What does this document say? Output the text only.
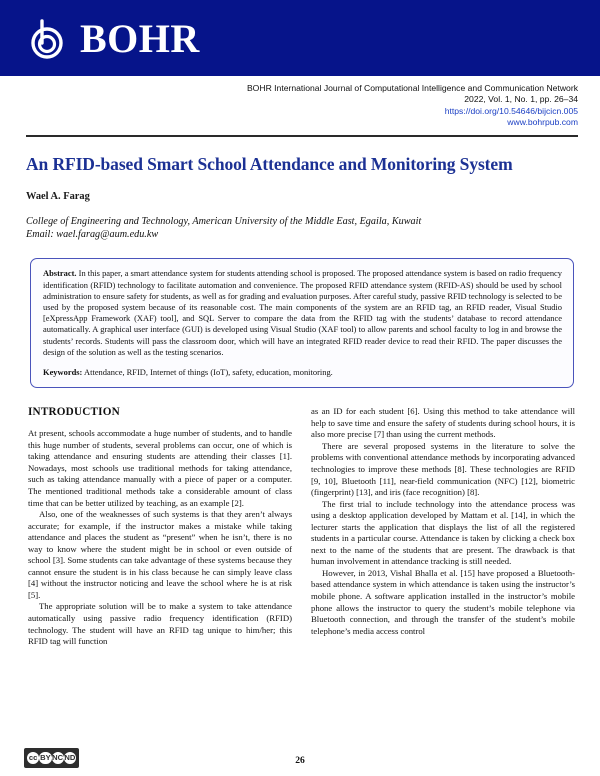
BOHR
BOHR International Journal of Computational Intelligence and Communication Network
2022, Vol. 1, No. 1, pp. 26–34
https://doi.org/10.54646/bijcicn.005
www.bohrpub.com
An RFID-based Smart School Attendance and Monitoring System
Wael A. Farag
College of Engineering and Technology, American University of the Middle East, Egaila, Kuwait
Email: wael.farag@aum.edu.kw

Abstract. In this paper, a smart attendance system for students attending school is proposed. The proposed attendance system is based on radio frequency identification (RFID) technology to facilitate automation and convenience. The proposed RFID attendance system (RFID-AS) should be used by school administration to ensure safety for students, as well as for grading and evaluation purposes. After careful study, passive RFID technology is selected to be used by the proposed system because of its reasonable cost. The main components of the system are an RFID tag, an RFID reader, Visual Studio [eXpressApp Framework (XAF) tool], and SQL Server to compare the data from the RFID tag with the students’ database to record attendance automatically. A graphical user interface (GUI) is developed using Visual Studio (XAF tool) to allow parents and school faculty to log in and browse the students’ records. Students will pass the classroom door, which will have an integrated RFID reader device to read their RFID. The paper discusses the design of the solution as well as the testing scenarios.

Keywords: Attendance, RFID, Internet of things (IoT), safety, education, monitoring.

INTRODUCTION

At present, schools accommodate a huge number of students, and to handle this huge number of students, several problems can occur, one of which is taking attendance and ensuring students are attending their classes [1]. Nowadays, most schools use traditional methods for taking attendance, such as taking attendance manually with a piece of paper or a computer. The mentioned traditional methods take a considerable amount of class time that can be better utilized by teaching, as an example [2].

Also, one of the weaknesses of such systems is that they aren’t always accurate; for example, if the instructor makes a mistake while taking attendance and places the student as “present” when he isn’t, there is no way to know where the student might be in school or even outside of school [3]. Some students can take advantage of these systems because they cannot ensure the student is in his class because he can simply leave class [4] without the instructor noticing and leave the school where he is at risk [5].

The appropriate solution will be to make a system to take attendance automatically using passive radio frequency identification (RFID) technology. The student will have an RFID tag unique to him/her; this RFID tag will function

as an ID for each student [6]. Using this method to take attendance will help to save time and ensure the safety of students during school hours, it is also more precise [7] than using the current methods.

There are several proposed systems in the literature to solve the problems with conventional attendance methods by incorporating advanced technologies to improve these methods [8]. These technologies are RFID [9, 10], Bluetooth [11], near-field communication (NFC) [12], biometric (fingerprint) [13], and iris (face recognition) [8].

The first trial to include technology into the attendance process was using a desktop application developed by Mattam et al. [14], in which the lecturer starts the application that displays the list of all the registered students in a particular course. Attendance is taken by clicking a check box next to the name of the students that are present. The drawback is that human involvement in attendance tracking is still needed.

However, in 2013, Vishal Bhalla et al. [15] have proposed a Bluetooth-based attendance system in which attendance is taken using the instructor’s mobile phone. A software application installed in the instructor’s mobile phone allows the instructor to query the student’s mobile telephone via Bluetooth connection, and through the transfer of the student’s mobile telephone’s media access control

cc BY NC ND	26
